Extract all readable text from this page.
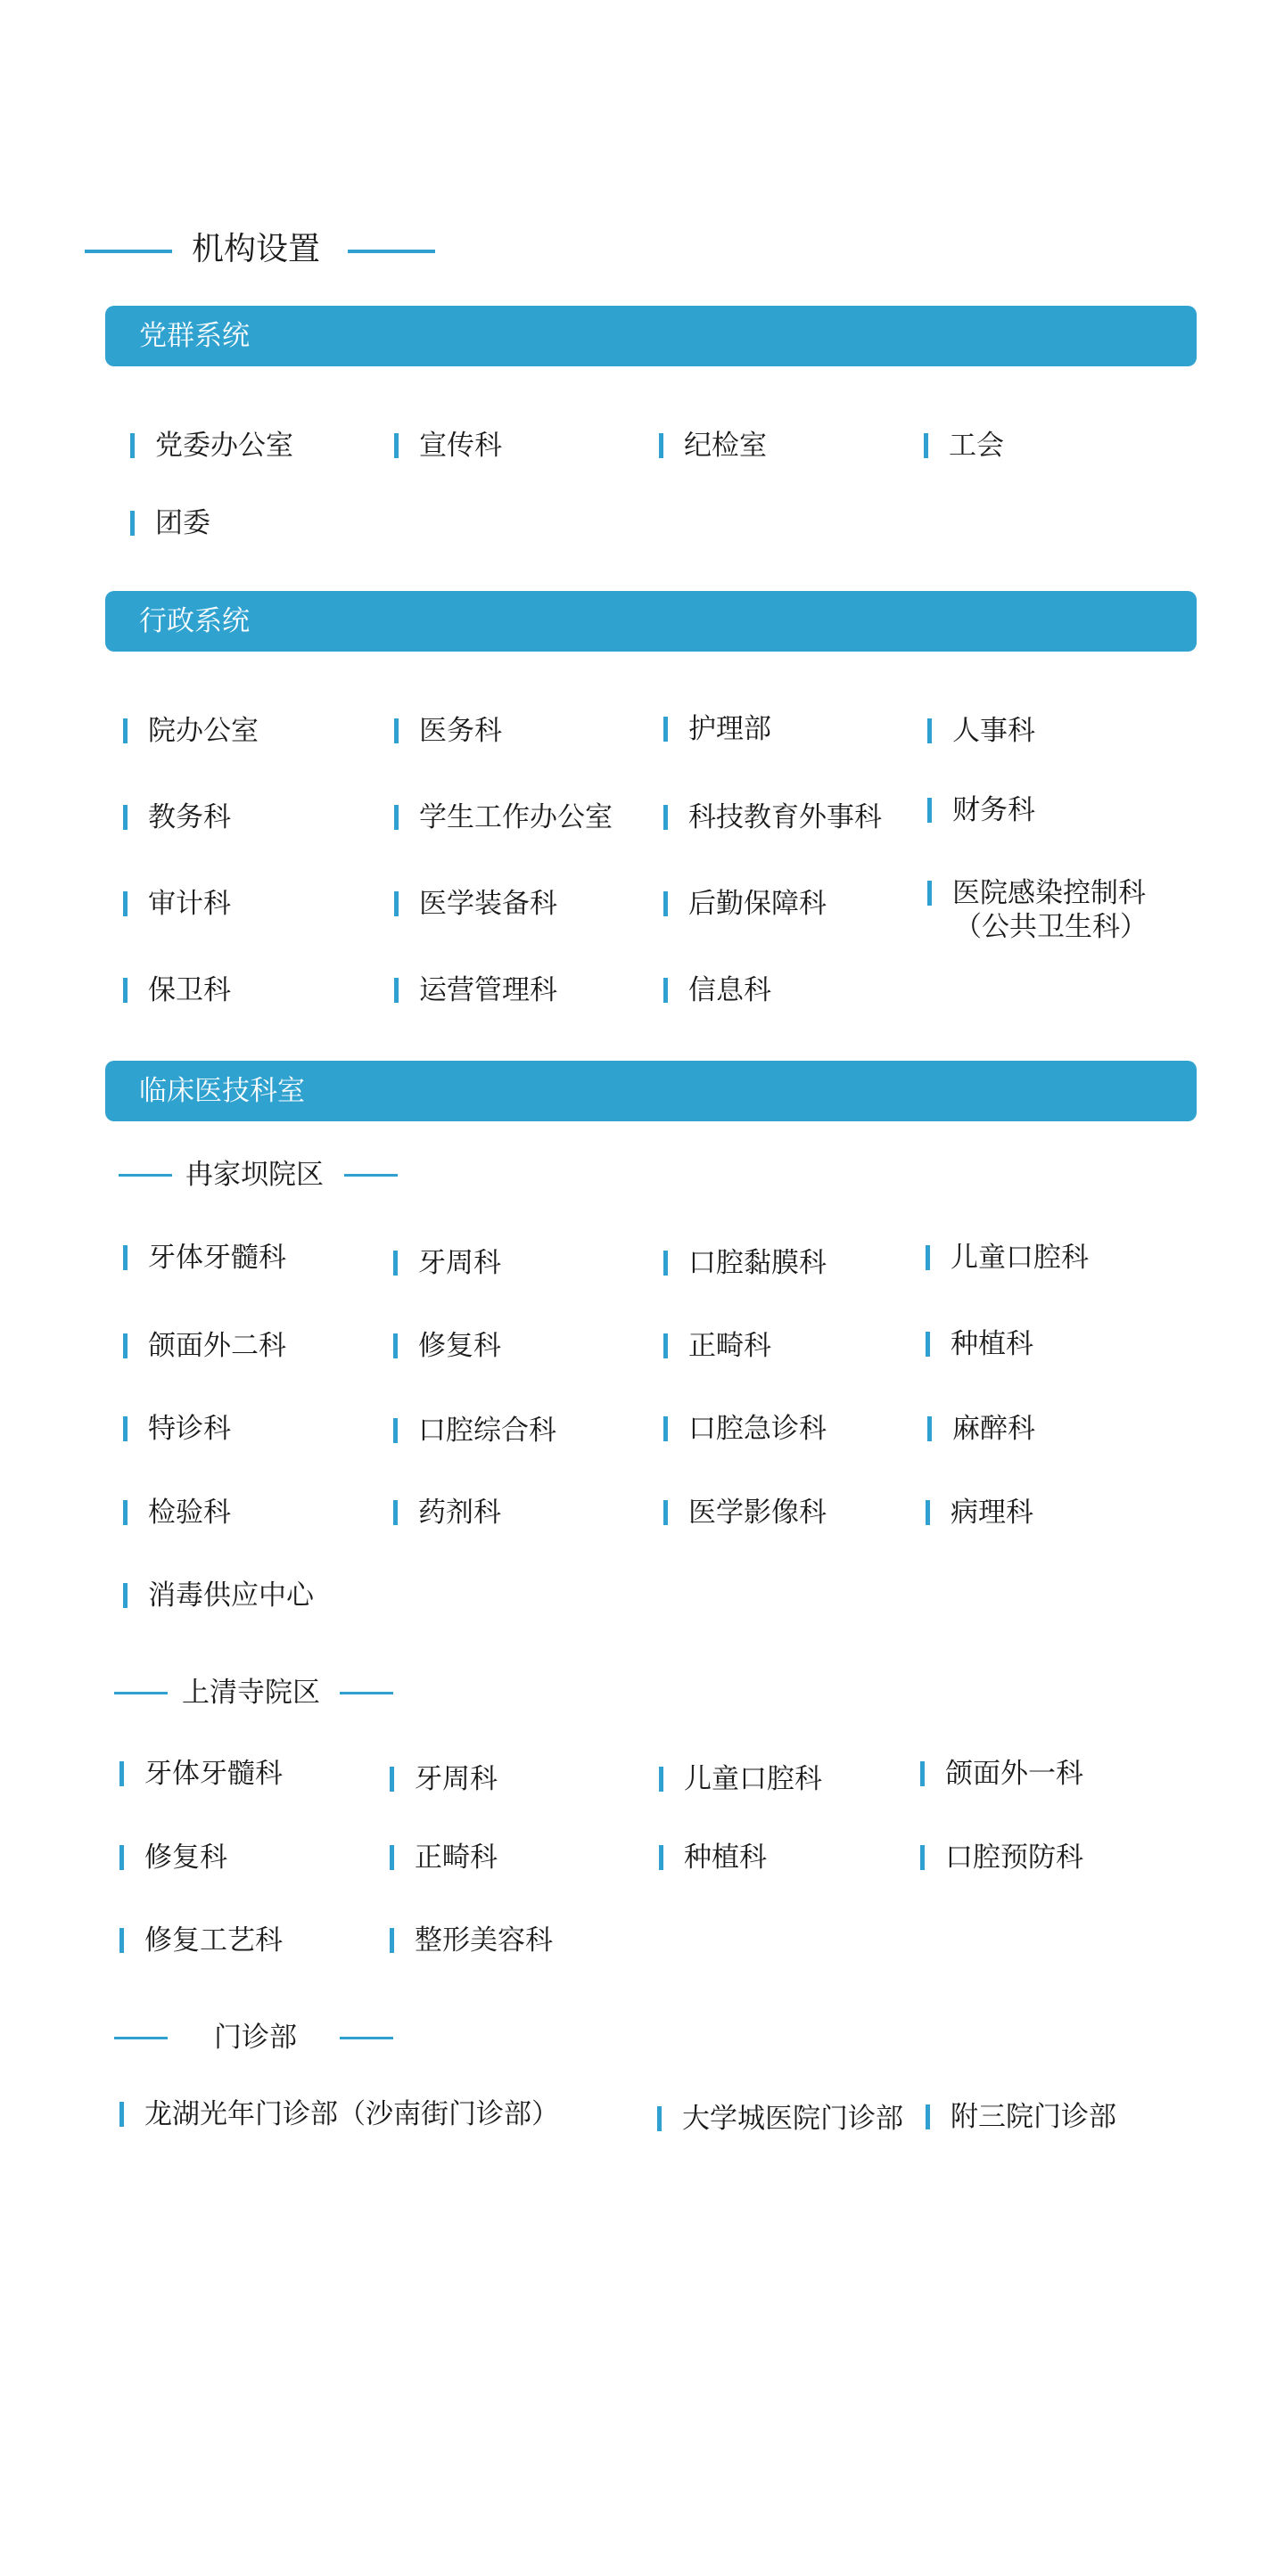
机构设置
党群系统
党委办公室	宣传科	纪检室	工会
团委
行政系统
院办公室	医务科	护理部	人事科
教务科	学生工作办公室	科技教育外事科	财务科
审计科	医学装备科	后勤保障科	医院感染控制科
（公共卫生科）
保卫科	运营管理科	信息科
临床医技科室
冉家坝院区
牙体牙髓科	牙周科	口腔黏膜科	儿童口腔科
颌面外二科	修复科	正畸科	种植科
特诊科	口腔综合科	口腔急诊科	麻醉科
检验科	药剂科	医学影像科	病理科
消毒供应中心
上清寺院区
牙体牙髓科	牙周科	儿童口腔科	颌面外一科
修复科	正畸科	种植科	口腔预防科
修复工艺科	整形美容科
门诊部
龙湖光年门诊部（沙南街门诊部）	大学城医院门诊部 附三院门诊部
